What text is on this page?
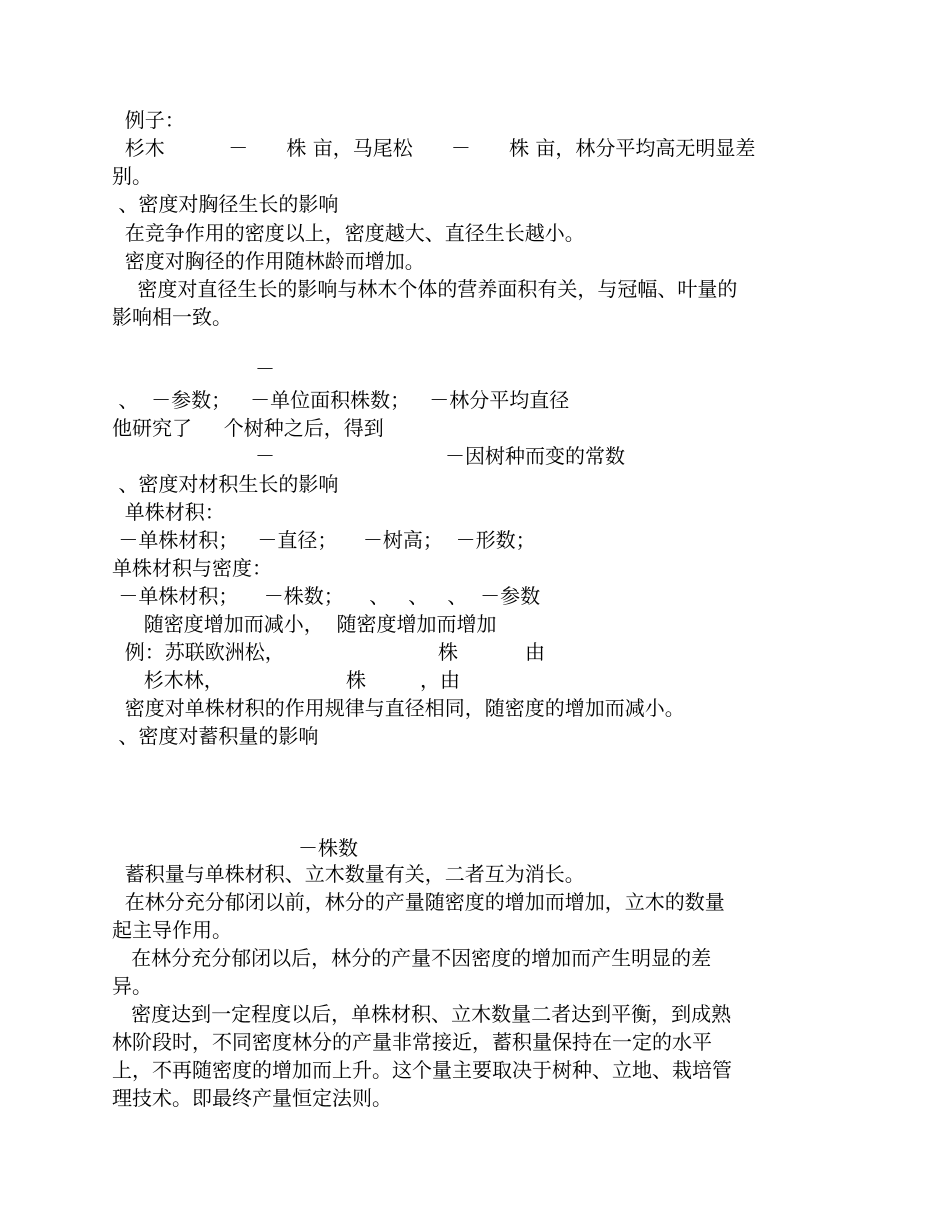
例子：
杉木          －      株 亩，马尾松      －      株 亩，林分平均高无明显差
别。
、密度对胸径生长的影响
在竞争作用的密度以上，密度越大、直径生长越小。
密度对胸径的作用随林龄而增加。
密度对直径生长的影响与林木个体的营养面积有关，与冠幅、叶量的
影响相一致。
－
、  －参数；   －单位面积株数；   －林分平均直径
他研究了     个树种之后，得到
－	－因树种而变的常数
、密度对材积生长的影响
单株材积：
－单株材积；   －直径；    －树高；  －形数；
单株材积与密度：
－单株材积；    －株数；    、   、   、  －参数
随密度增加而减小，  随密度增加而增加
例：苏联欧洲松，	株	由
杉木林，	株	，由
密度对单株材积的作用规律与直径相同，随密度的增加而减小。
、密度对蓄积量的影响
－株数
蓄积量与单株材积、立木数量有关，二者互为消长。
在林分充分郁闭以前，林分的产量随密度的增加而增加，立木的数量
起主导作用。
在林分充分郁闭以后，林分的产量不因密度的增加而产生明显的差
异。
密度达到一定程度以后，单株材积、立木数量二者达到平衡，到成熟
林阶段时，不同密度林分的产量非常接近，蓄积量保持在一定的水平
上，不再随密度的增加而上升。这个量主要取决于树种、立地、栽培管
理技术。即最终产量恒定法则。
